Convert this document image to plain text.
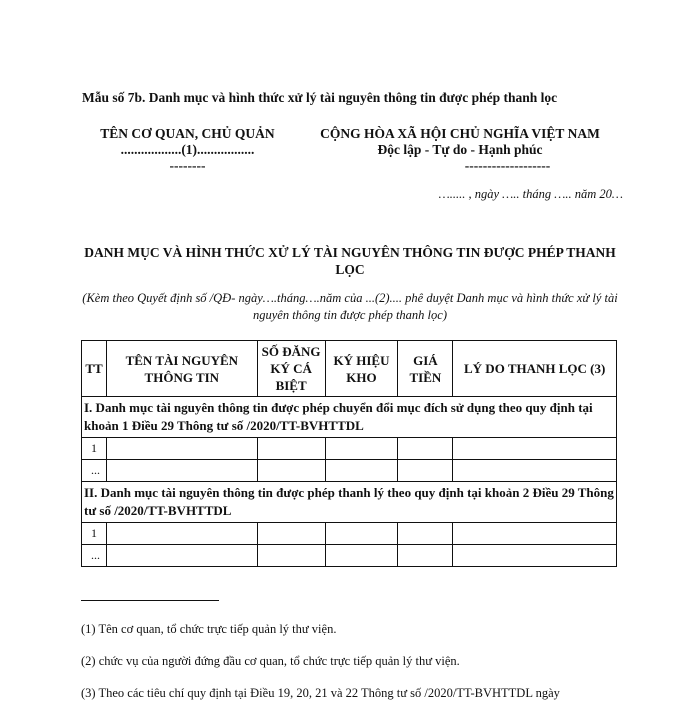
Mẫu số 7b. Danh mục và hình thức xử lý tài nguyên thông tin được phép thanh lọc
TÊN CƠ QUAN, CHỦ QUẢN
..................(1).................
--------
CỘNG HÒA XÃ HỘI CHỦ NGHĨA VIỆT NAM
Độc lập - Tự do - Hạnh phúc
-------------------
…..... , ngày ….. tháng ….. năm 20…
DANH MỤC VÀ HÌNH THỨC XỬ LÝ TÀI NGUYÊN THÔNG TIN ĐƯỢC PHÉP THANH LỌC
(Kèm theo Quyết định số /QĐ- ngày….tháng….năm của ...(2).... phê duyệt Danh mục và hình thức xử lý tài nguyên thông tin được phép thanh lọc)
TT	TÊN TÀI NGUYÊN THÔNG TIN	SỐ ĐĂNG KÝ CÁ BIỆT	KÝ HIỆU KHO	GIÁ TIỀN	LÝ DO THANH LỌC (3)
I. Danh mục tài nguyên thông tin được phép chuyển đổi mục đích sử dụng theo quy định tại khoản 1 Điều 29 Thông tư số /2020/TT-BVHTTDL					
1					
...					
II. Danh mục tài nguyên thông tin được phép thanh lý theo quy định tại khoản 2 Điều 29 Thông tư số /2020/TT-BVHTTDL					
1					
...					
(1) Tên cơ quan, tổ chức trực tiếp quản lý thư viện.
(2) chức vụ của người đứng đầu cơ quan, tổ chức trực tiếp quản lý thư viện.
(3) Theo các tiêu chí quy định tại Điều 19, 20, 21 và 22 Thông tư số /2020/TT-BVHTTDL ngày
